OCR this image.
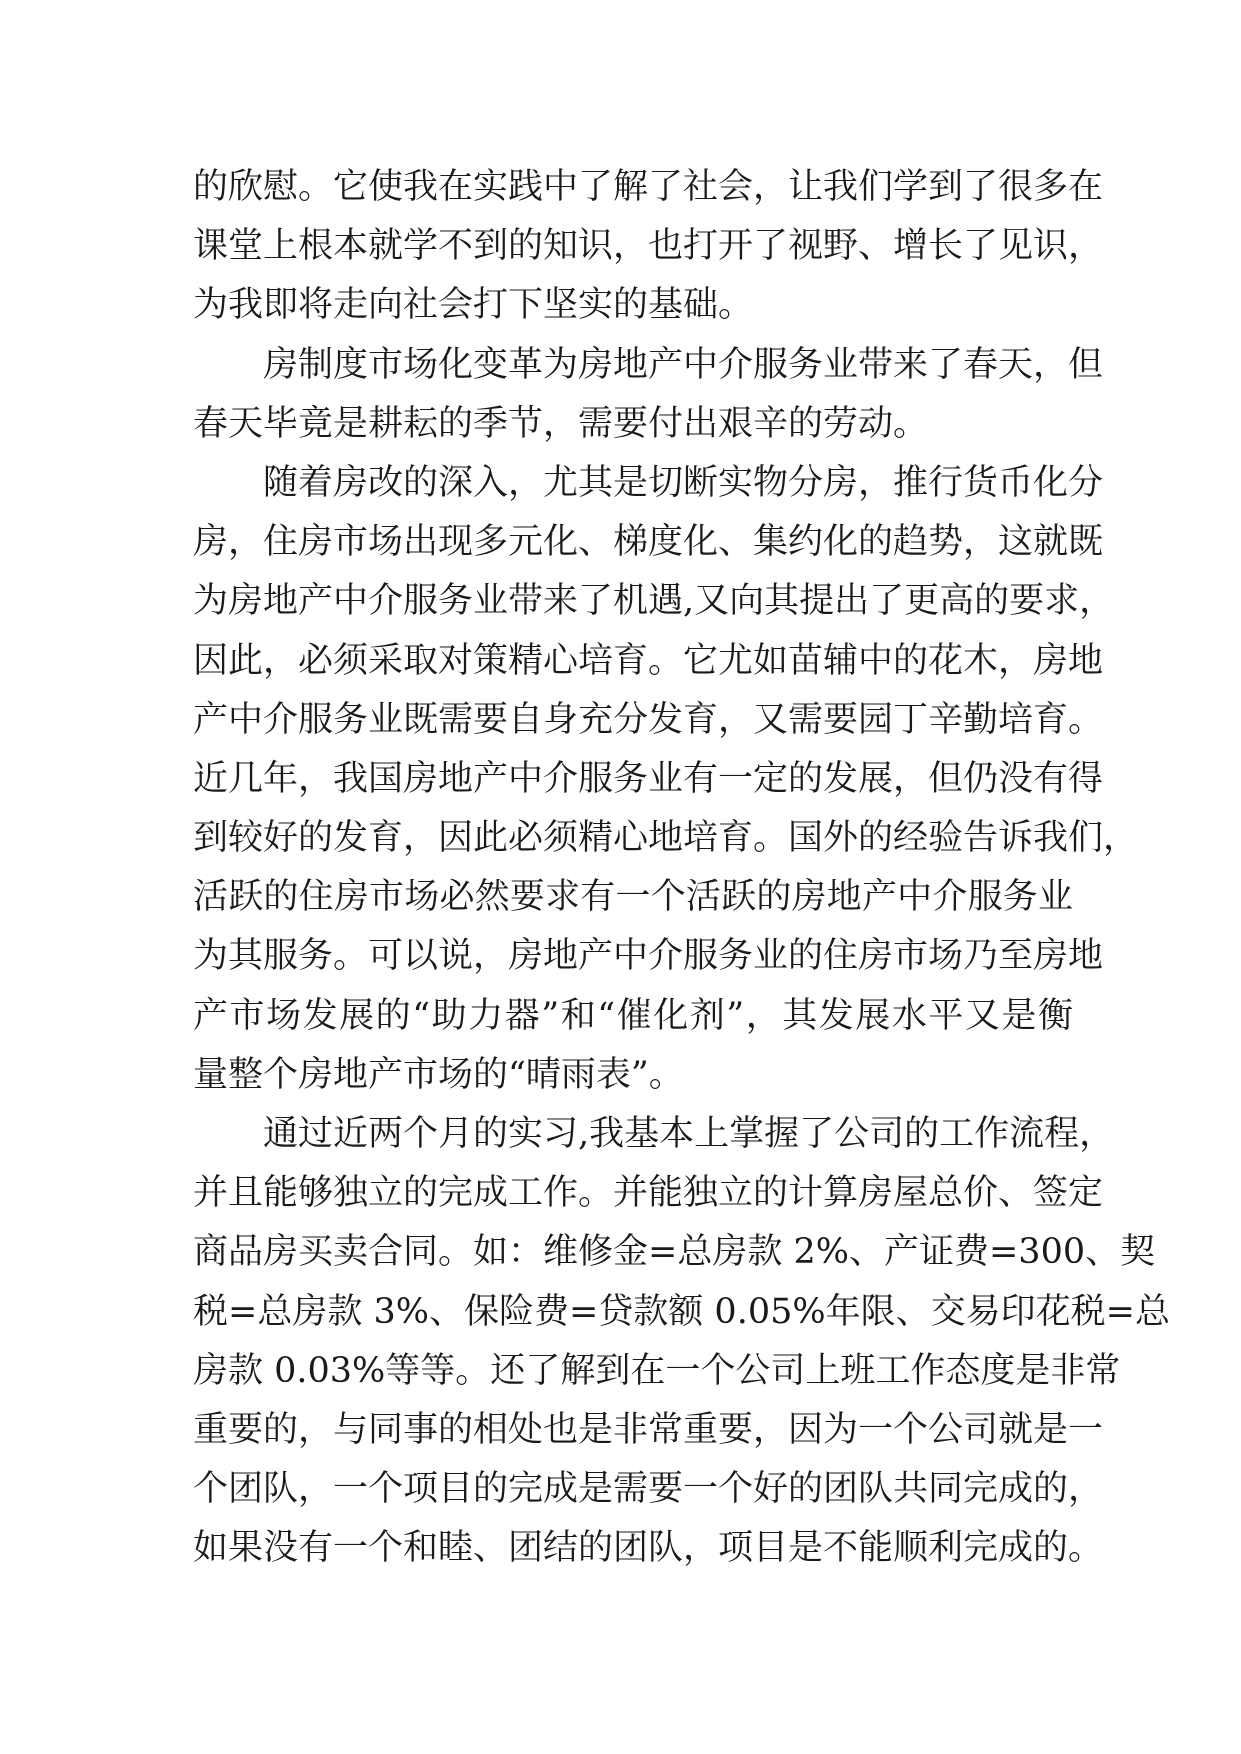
的欣慰。它使我在实践中了解了社会，让我们学到了很多在
课堂上根本就学不到的知识，也打开了视野、增长了见识，
为我即将走向社会打下坚实的基础。
房制度市场化变革为房地产中介服务业带来了春天，但
春天毕竟是耕耘的季节，需要付出艰辛的劳动。
随着房改的深入，尤其是切断实物分房，推行货币化分
房，住房市场出现多元化、梯度化、集约化的趋势，这就既
为房地产中介服务业带来了机遇,又向其提出了更高的要求，
因此，必须采取对策精心培育。它尤如苗辅中的花木，房地
产中介服务业既需要自身充分发育，又需要园丁辛勤培育。
近几年，我国房地产中介服务业有一定的发展，但仍没有得
到较好的发育，因此必须精心地培育。国外的经验告诉我们，
活跃的住房市场必然要求有一个活跃的房地产中介服务业
为其服务。可以说，房地产中介服务业的住房市场乃至房地
产市场发展的“助力器”和“催化剂”，其发展水平又是衡
量整个房地产市场的“晴雨表”。
通过近两个月的实习,我基本上掌握了公司的工作流程，
并且能够独立的完成工作。并能独立的计算房屋总价、签定
商品房买卖合同。如：维修金=总房款 2%、产证费=300、契
税=总房款 3%、保险费=贷款额 0.05%年限、交易印花税=总
房款 0.03%等等。还了解到在一个公司上班工作态度是非常
重要的，与同事的相处也是非常重要，因为一个公司就是一
个团队，一个项目的完成是需要一个好的团队共同完成的，
如果没有一个和睦、团结的团队，项目是不能顺利完成的。
